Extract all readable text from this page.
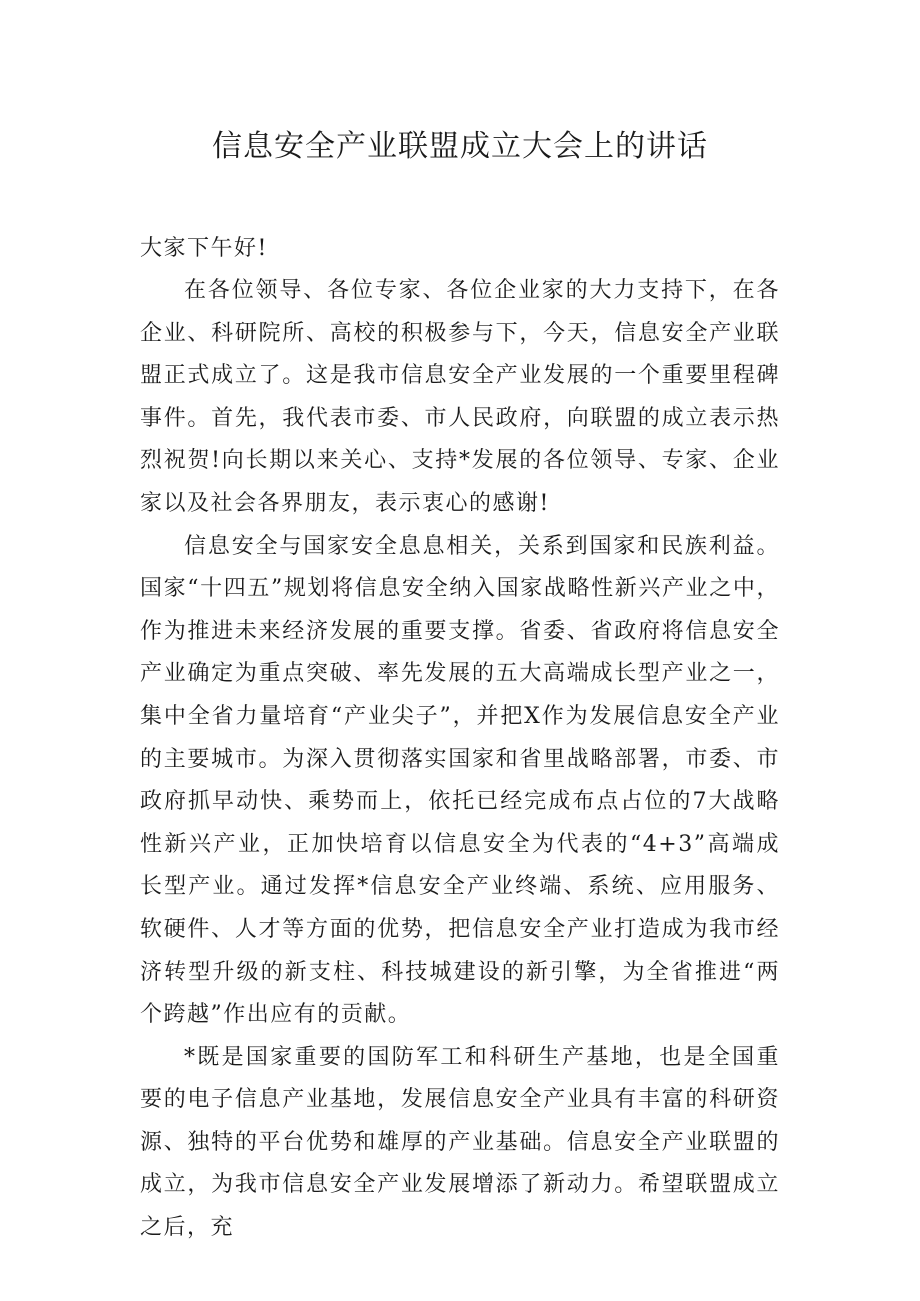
信息安全产业联盟成立大会上的讲话

大家下午好!

在各位领导、各位专家、各位企业家的大力支持下，在各企业、科研院所、高校的积极参与下，今天，信息安全产业联盟正式成立了。这是我市信息安全产业发展的一个重要里程碑事件。首先，我代表市委、市人民政府，向联盟的成立表示热烈祝贺!向长期以来关心、支持*发展的各位领导、专家、企业家以及社会各界朋友，表示衷心的感谢!

信息安全与国家安全息息相关，关系到国家和民族利益。国家“十四五”规划将信息安全纳入国家战略性新兴产业之中，作为推进未来经济发展的重要支撑。省委、省政府将信息安全产业确定为重点突破、率先发展的五大高端成长型产业之一，集中全省力量培育“产业尖子”，并把X作为发展信息安全产业的主要城市。为深入贯彻落实国家和省里战略部署，市委、市政府抓早动快、乘势而上，依托已经完成布点占位的7大战略性新兴产业，正加快培育以信息安全为代表的“4+3”高端成长型产业。通过发挥*信息安全产业终端、系统、应用服务、软硬件、人才等方面的优势，把信息安全产业打造成为我市经济转型升级的新支柱、科技城建设的新引擎，为全省推进“两个跨越”作出应有的贡献。

*既是国家重要的国防军工和科研生产基地，也是全国重要的电子信息产业基地，发展信息安全产业具有丰富的科研资源、独特的平台优势和雄厚的产业基础。信息安全产业联盟的成立，为我市信息安全产业发展增添了新动力。希望联盟成立之后，充
